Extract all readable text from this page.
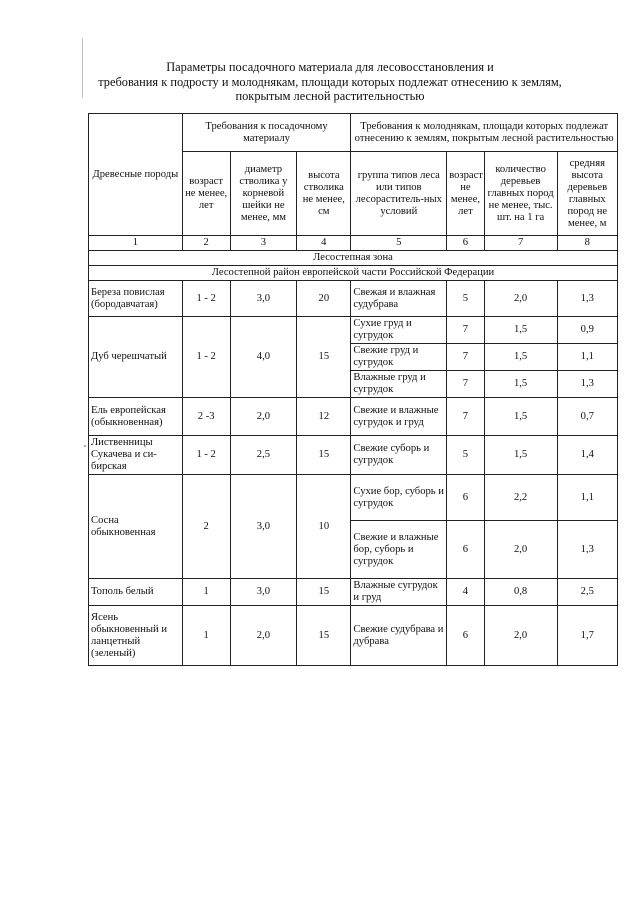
Параметры посадочного материала для лесовосстановления и
требования к подросту и молоднякам, площади которых подлежат отнесению к землям,
покрытым лесной растительностью
Древесные породы	Требования к посадочному материалу			Требования к молоднякам, площади которых подлежат отнесению к землям, покрытым лесной растительностью			
	возраст не менее, лет	диаметр стволика у корневой шейки не менее, мм	высота стволика не менее, см	группа типов леса или типов лесораститель-ных условий	возраст не менее, лет	количество деревьев главных пород не менее, тыс. шт. на 1 га	средняя высота деревьев главных пород не менее, м
1	2	3	4	5	6	7	8
Лесостепная зона							
Лесостепной район европейской части Российской Федерации							
Береза повислая (бородавчатая)	1 - 2	3,0	20	Свежая и влажная судубрава	5	2,0	1,3
Дуб черешчатый	1 - 2	4,0	15	Сухие груд и сугрудок	7	1,5	0,9
				Свежие груд и сугрудок	7	1,5	1,1
				Влажные груд и сугрудок	7	1,5	1,3
Ель европейская (обыкновенная)	2 -3	2,0	12	Свежие и влажные сугрудок и груд	7	1,5	0,7
Лиственницы Сукачева и си-бирская	1 - 2	2,5	15	Свежие суборь и сугрудок	5	1,5	1,4
Сосна обыкновенная	2	3,0	10	Сухие бор, суборь и сугрудок	6	2,2	1,1
				Свежие и влажные бор, суборь и сугрудок	6	2,0	1,3
Тополь белый	1	3,0	15	Влажные сугрудок и груд	4	0,8	2,5
Ясень обыкновенный и ланцетный (зеленый)	1	2,0	15	Свежие судубрава и дубрава	6	2,0	1,7
